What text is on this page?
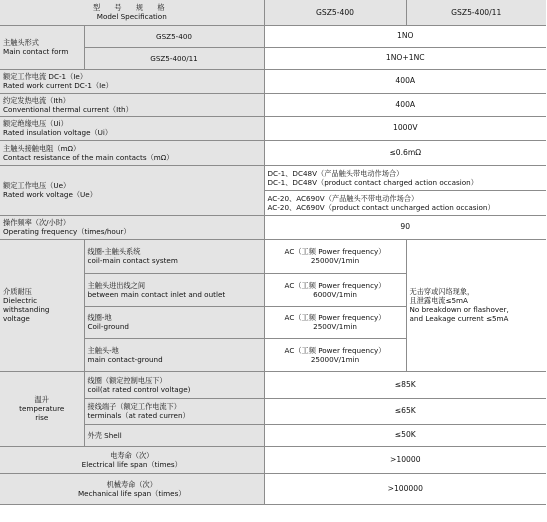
型 号 规 格
Model Specification		GSZ5-400	GSZ5-400/11

主触头形式
Main contact form	GSZ5-400	1NO	
	GSZ5-400/11	1NO+1NC	

额定工作电流 DC-1（Ie）
Rated work current DC-1（Ie）		400A	

约定发热电流（Ith）
Conventional thermal current（Ith）		400A	

额定绝缘电压（Ui）
Rated insulation voltage（Ui）		1000V	

主触头接触电阻（mΩ）
Contact resistance of the main contacts（mΩ）		≤0.6mΩ	

额定工作电压（Ue）
Rated work voltage（Ue）		DC-1、DC48V（产品触头带电动作场合）
DC-1、DC48V（product contact charged action occasion）	

		AC-20、AC690V（产品触头不带电动作场合）
AC-20、AC690V（product contact uncharged action occasion）	

操作频率（次/小时）
Operating frequency（times/hour）		90	

介质耐压
Dielectric
withstanding
voltage	线圈-主触头系统
coil-main contact system	AC（工频 Power frequency）
25000V/1min	无击穿或闪络现象，
且泄露电流≤5mA
No breakdown or flashover,
and Leakage current ≤5mA

	主触头进出线之间
between main contact inlet and outlet	AC（工频 Power frequency）
6000V/1min	

	线圈-地
Coil-ground	AC（工频 Power frequency）
2500V/1min	

	主触头-地
main contact-ground	AC（工频 Power frequency）
25000V/1min	

温升
temperature
rise	线圈（额定控制电压下）
coil(at rated control voltage)	≤85K	

	接线端子（额定工作电流下）
terminals（at rated curren）	≤65K	

	外壳 Shell	≤50K	

电寿命（次）
Electrical life span（times）		>10000	

机械寿命（次）
Mechanical life span（times）		>100000	
